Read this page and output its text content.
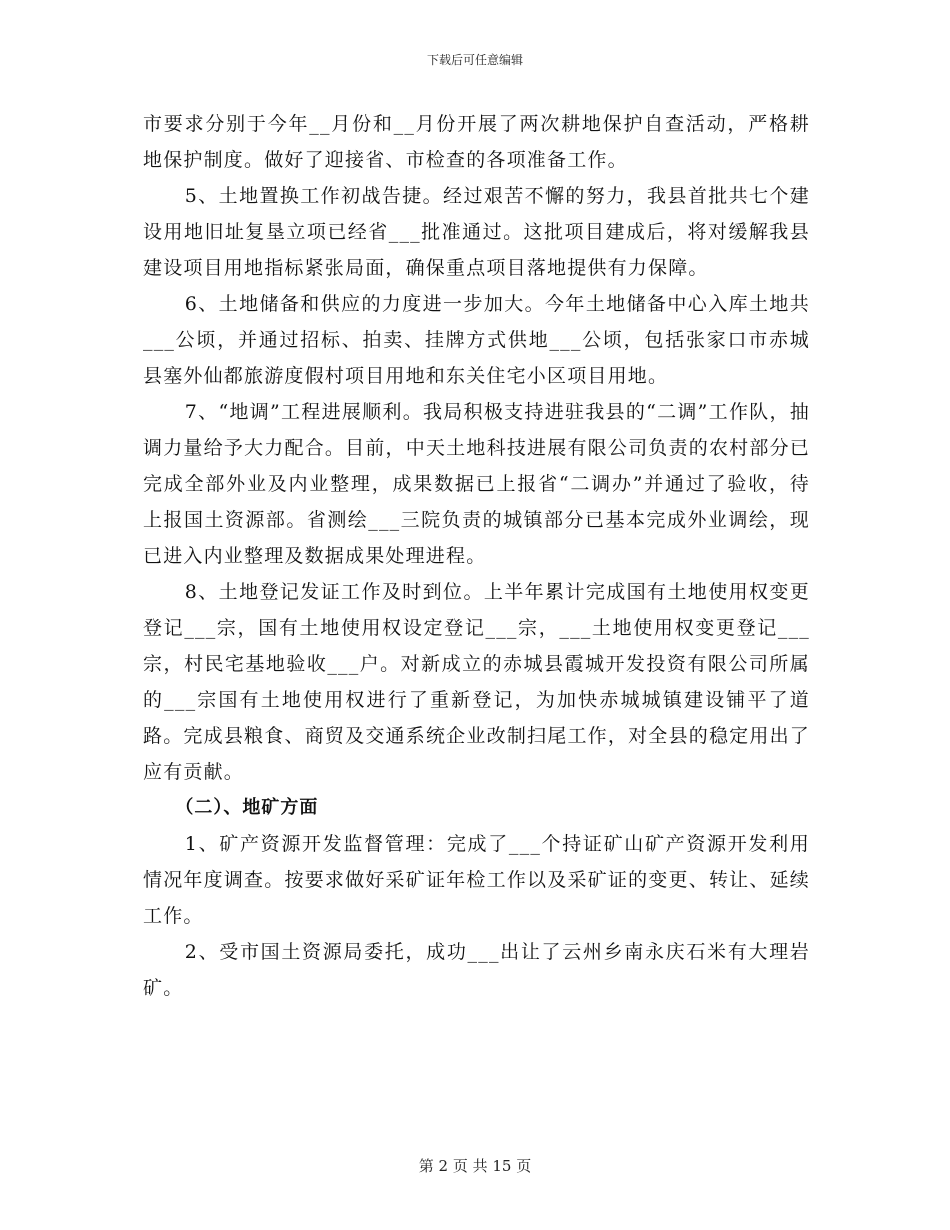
下载后可任意编辑

市要求分别于今年__月份和__月份开展了两次耕地保护自查活动，严格耕地保护制度。做好了迎接省、市检查的各项准备工作。

5、土地置换工作初战告捷。经过艰苦不懈的努力，我县首批共七个建设用地旧址复垦立项已经省___批准通过。这批项目建成后，将对缓解我县建设项目用地指标紧张局面，确保重点项目落地提供有力保障。

6、土地储备和供应的力度进一步加大。今年土地储备中心入库土地共___公顷，并通过招标、拍卖、挂牌方式供地___公顷，包括张家口市赤城县塞外仙都旅游度假村项目用地和东关住宅小区项目用地。

7、“地调”工程进展顺利。我局积极支持进驻我县的“二调”工作队，抽调力量给予大力配合。目前，中天土地科技进展有限公司负责的农村部分已完成全部外业及内业整理，成果数据已上报省“二调办”并通过了验收，待上报国土资源部。省测绘___三院负责的城镇部分已基本完成外业调绘，现已进入内业整理及数据成果处理进程。

8、土地登记发证工作及时到位。上半年累计完成国有土地使用权变更登记___宗，国有土地使用权设定登记___宗，___土地使用权变更登记___宗，村民宅基地验收___户。对新成立的赤城县霞城开发投资有限公司所属的___宗国有土地使用权进行了重新登记，为加快赤城城镇建设铺平了道路。完成县粮食、商贸及交通系统企业改制扫尾工作，对全县的稳定用出了应有贡献。

（二）、地矿方面

1、矿产资源开发监督管理：完成了___个持证矿山矿产资源开发利用情况年度调查。按要求做好采矿证年检工作以及采矿证的变更、转让、延续工作。

2、受市国土资源局委托，成功___出让了云州乡南永庆石米有大理岩矿。

第 2 页 共 15 页
